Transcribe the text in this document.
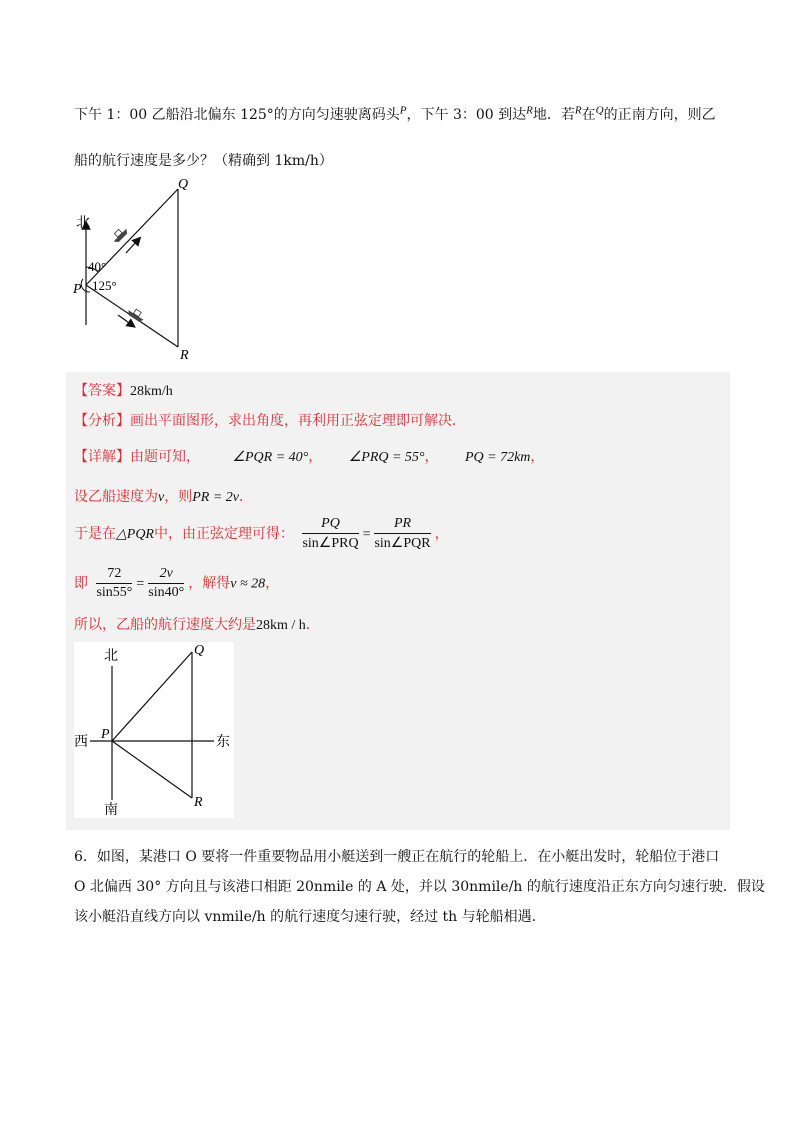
下午 1：00 乙船沿北偏东 125°的方向匀速驶离码头$^P$，下午 3：00 到达$^R$地．若$^R$在$^Q$的正南方向，则乙
船的航行速度是多少？（精确到 1km/h）
北
40°
125°
P
Q
R
【答案】28km/h
【分析】画出平面图形，求出角度，再利用正弦定理即可解决．
【详解】由题可知， ∠PQR = 40°， ∠PRQ = 55°， PQ = 72km，
设乙船速度为v，则PR = 2v．
于是在△PQR中，由正弦定理可得： $\frac{PQ}{\text{sin∠PRQ}} = \frac{PR}{\text{sin∠PQR}}$ ，
即 $\frac{72}{\sin 55^\circ} = \frac{2v}{\sin 40^\circ}$ ，解得v ≈ 28，
所以，乙船的航行速度大约是28km / h．
北
南
西	东
P
Q
R
6．如图，某港口 O 要将一件重要物品用小艇送到一艘正在航行的轮船上．在小艇出发时，轮船位于港口
O 北偏西 30° 方向且与该港口相距 20nmile 的 A 处，并以 30nmile/h 的航行速度沿正东方向匀速行驶．假设
该小艇沿直线方向以 vnmile/h 的航行速度匀速行驶，经过 th 与轮船相遇.
